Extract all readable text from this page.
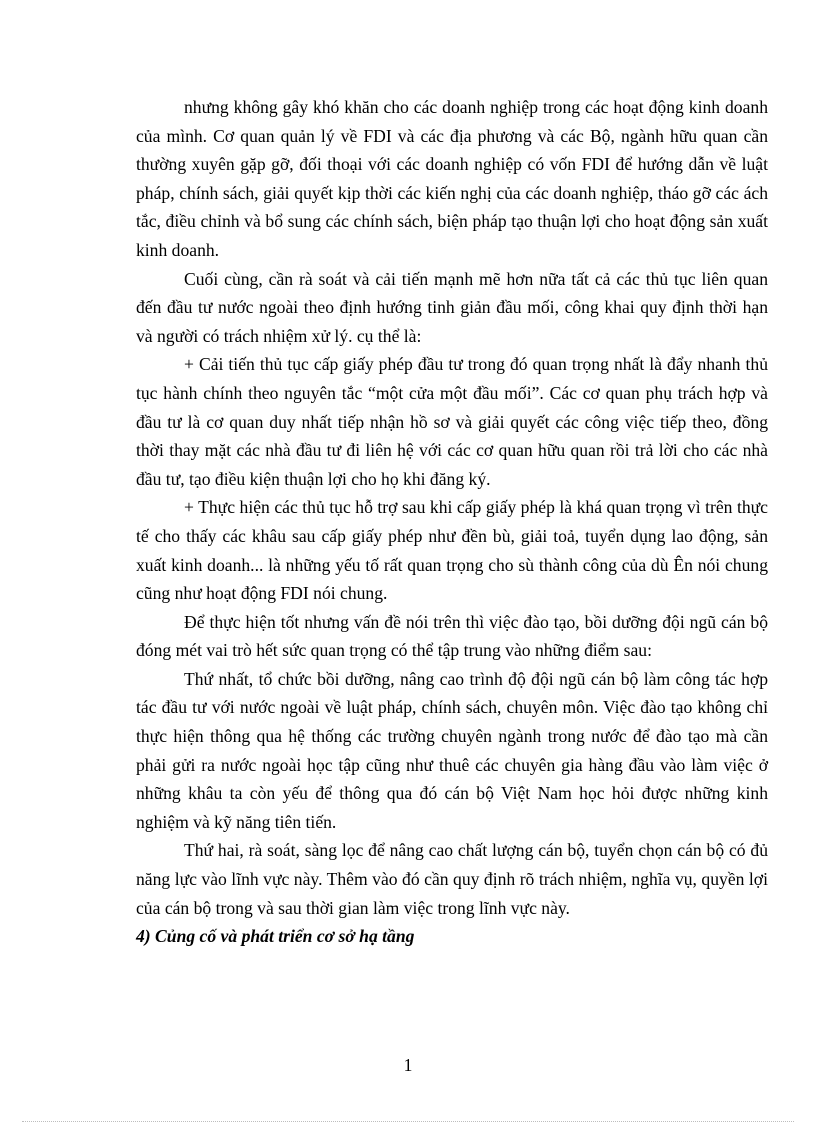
nhưng không gây khó khăn cho các doanh nghiệp trong các hoạt động kinh doanh của mình. Cơ quan quản lý về FDI và các địa phương và các Bộ, ngành hữu quan cần thường xuyên gặp gỡ, đối thoại với các doanh nghiệp có vốn FDI để hướng dẫn về luật pháp, chính sách, giải quyết kịp thời các kiến nghị của các doanh nghiệp, tháo gỡ các ách tắc, điều chỉnh và bổ sung các chính sách, biện pháp tạo thuận lợi cho hoạt động sản xuất kinh doanh.

Cuối cùng, cần rà soát và cải tiến mạnh mẽ hơn nữa tất cả các thủ tục liên quan đến đầu tư nước ngoài theo định hướng tinh giản đầu mối, công khai quy định thời hạn và người có trách nhiệm xử lý. cụ thể là:

+ Cải tiến thủ tục cấp giấy phép đầu tư trong đó quan trọng nhất là đẩy nhanh thủ tục hành chính theo nguyên tắc “một cửa một đầu mối”. Các cơ quan phụ trách hợp và đầu tư là cơ quan duy nhất tiếp nhận hồ sơ và giải quyết các công việc tiếp theo, đồng thời thay mặt các nhà đầu tư đi liên hệ với các cơ quan hữu quan rồi trả lời cho các nhà đầu tư, tạo điều kiện thuận lợi cho họ khi đăng ký.

+ Thực hiện các thủ tục hỗ trợ sau khi cấp giấy phép là khá quan trọng vì trên thực tế cho thấy các khâu sau cấp giấy phép như đền bù, giải toả, tuyển dụng lao động, sản xuất kinh doanh... là những yếu tố rất quan trọng cho sù thành công của dù Ên nói chung cũng như hoạt động FDI nói chung.

Để thực hiện tốt nhưng vấn đề nói trên thì việc đào tạo, bồi dưỡng đội ngũ cán bộ đóng mét vai trò hết sức quan trọng có thể tập trung vào những điểm sau:

Thứ nhất, tổ chức bồi dưỡng, nâng cao trình độ đội ngũ cán bộ làm công tác hợp tác đầu tư với nước ngoài về luật pháp, chính sách, chuyên môn. Việc đào tạo không chỉ thực hiện thông qua hệ thống các trường chuyên ngành trong nước để đào tạo mà cần phải gửi ra nước ngoài học tập cũng như thuê các chuyên gia hàng đầu vào làm việc ở những khâu ta còn yếu để thông qua đó cán bộ Việt Nam học hỏi được những kinh nghiệm và kỹ năng tiên tiến.

Thứ hai, rà soát, sàng lọc để nâng cao chất lượng cán bộ, tuyển chọn cán bộ có đủ năng lực vào lĩnh vực này. Thêm vào đó cần quy định rõ trách nhiệm, nghĩa vụ, quyền lợi của cán bộ trong và sau thời gian làm việc trong lĩnh vực này.

4) Củng cố và phát triển cơ sở hạ tầng

1
